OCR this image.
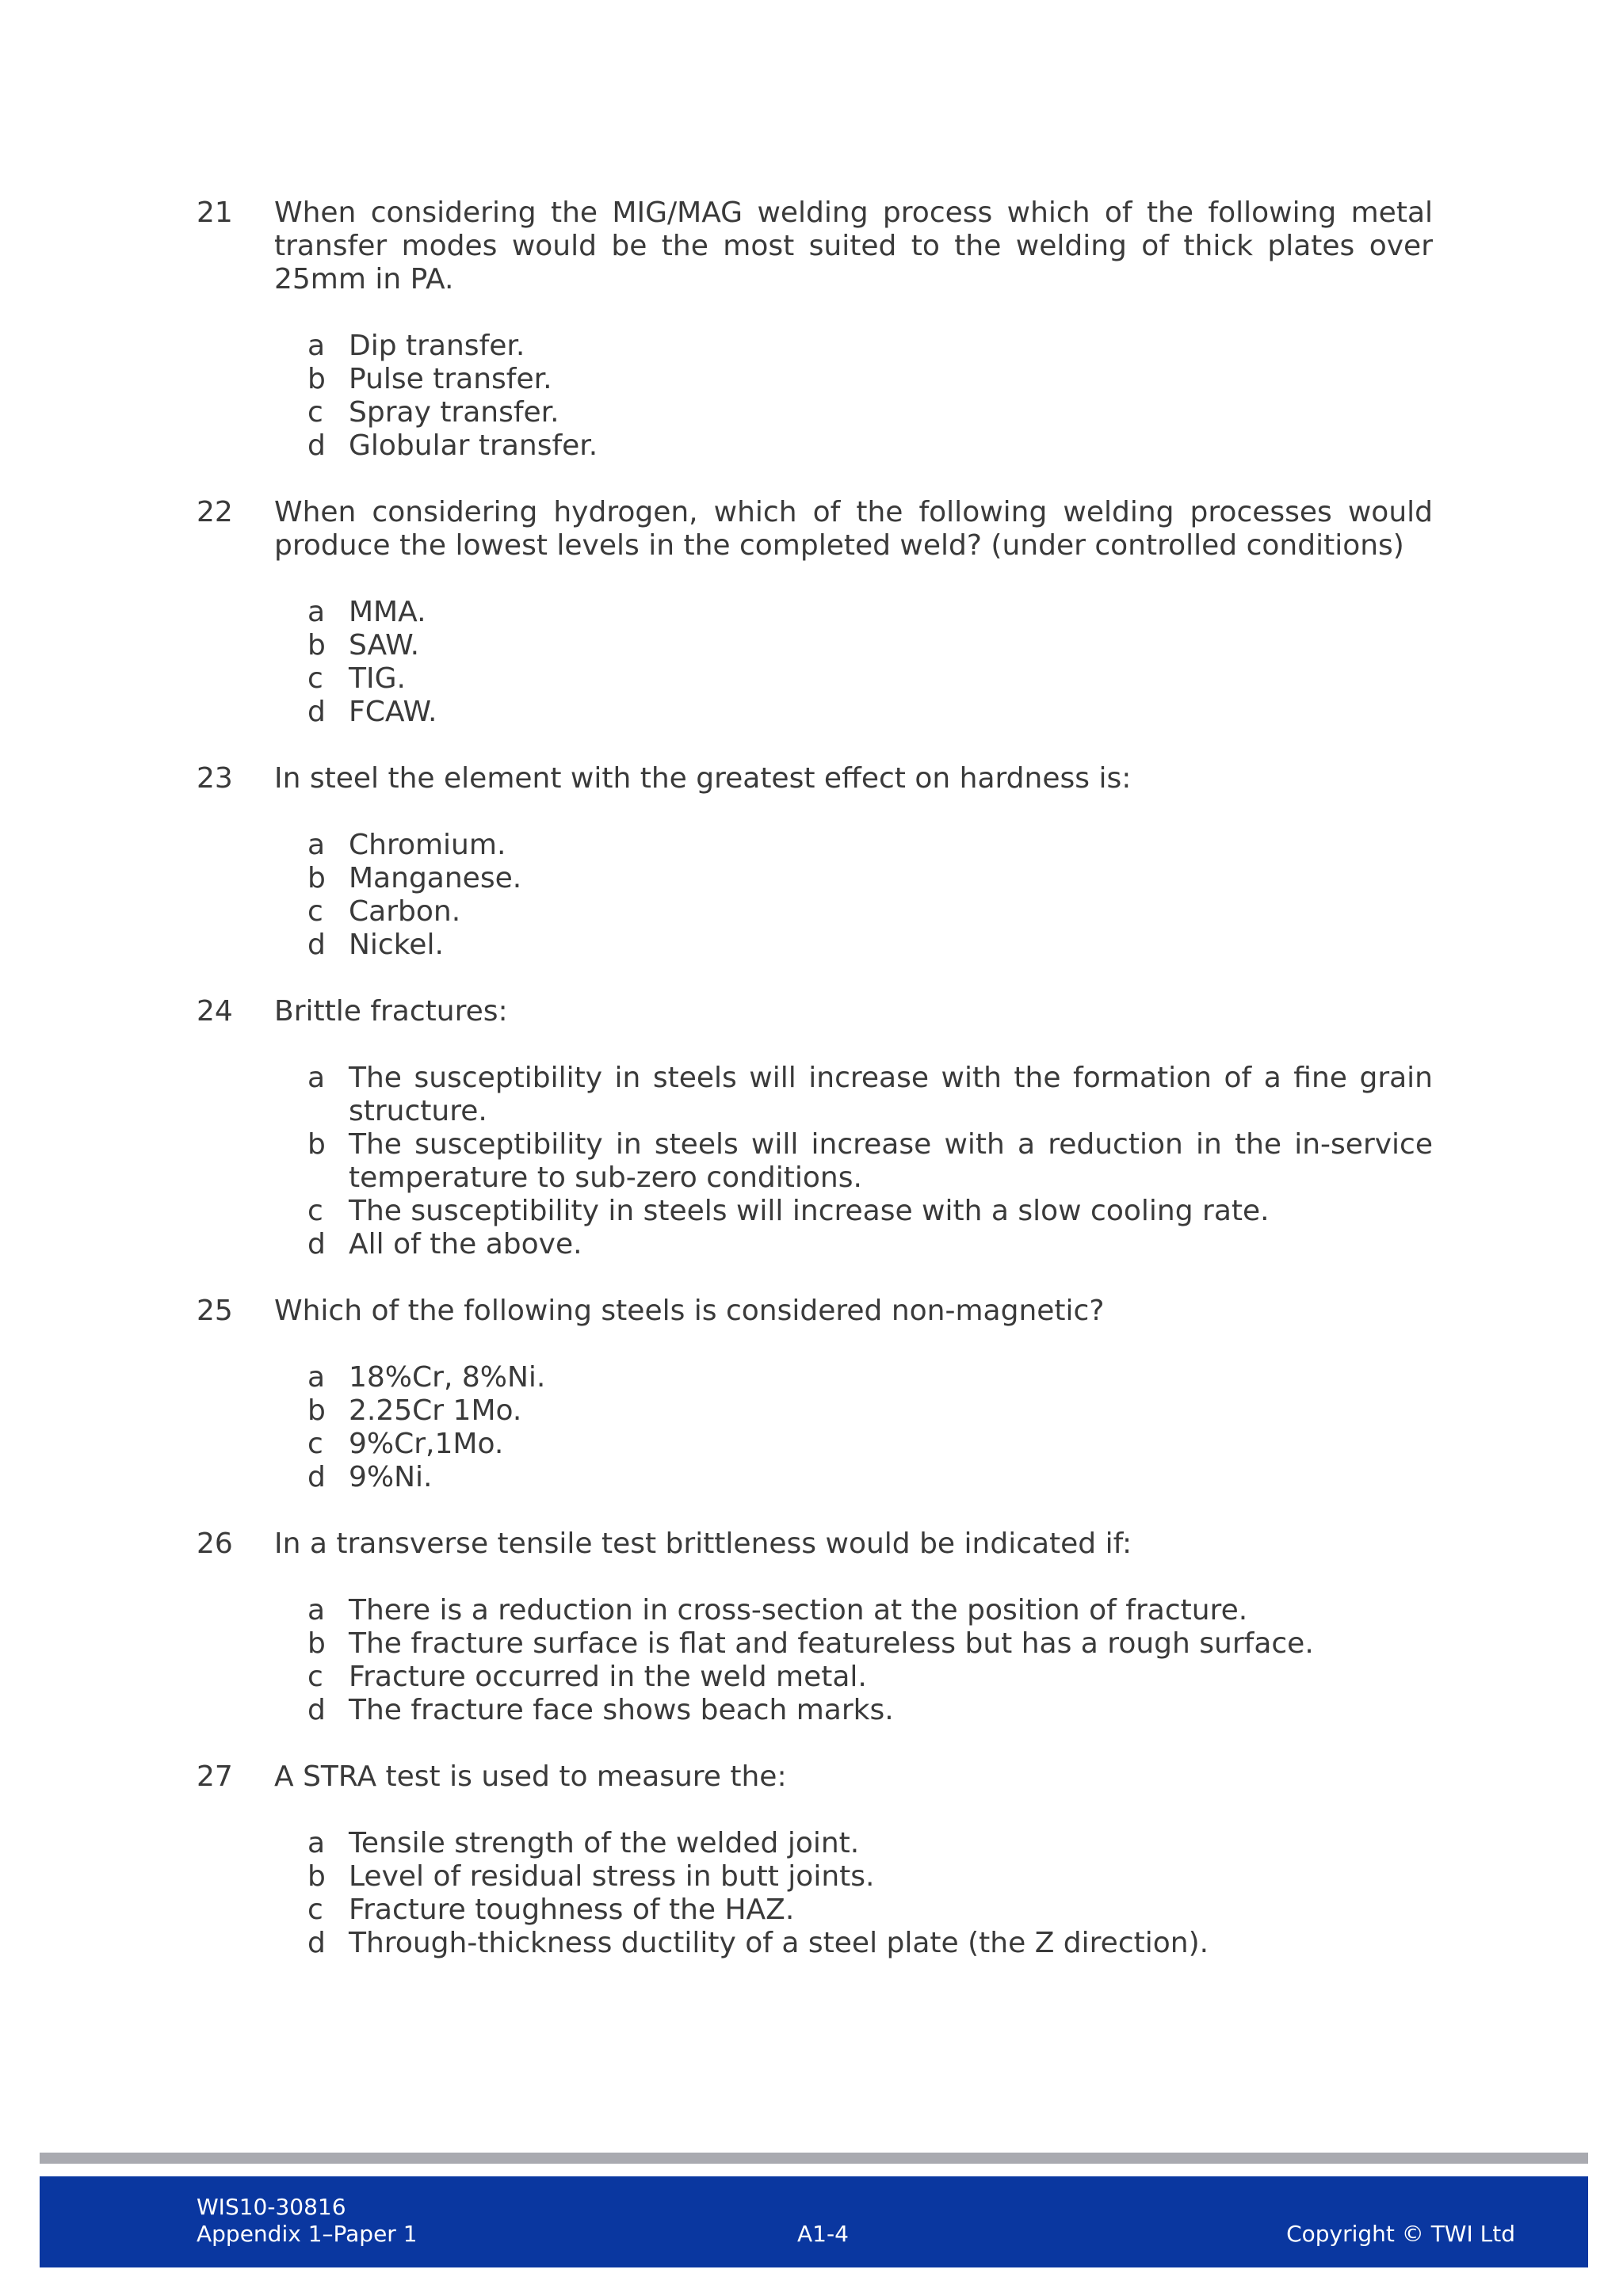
21	When considering the MIG/MAG welding process which of the following metal transfer modes would be the most suited to the welding of thick plates over 25mm in PA.
a Dip transfer.
b Pulse transfer.
c Spray transfer.
d Globular transfer.
22	When considering hydrogen, which of the following welding processes would produce the lowest levels in the completed weld? (under controlled conditions)
a MMA.
b SAW.
c TIG.
d FCAW.
23	In steel the element with the greatest effect on hardness is:
a Chromium.
b Manganese.
c Carbon.
d Nickel.
24	Brittle fractures:
a The susceptibility in steels will increase with the formation of a fine grain structure.
b The susceptibility in steels will increase with a reduction in the in-service temperature to sub-zero conditions.
c The susceptibility in steels will increase with a slow cooling rate.
d All of the above.
25	Which of the following steels is considered non-magnetic?
a 18%Cr, 8%Ni.
b 2.25Cr 1Mo.
c 9%Cr,1Mo.
d 9%Ni.
26	In a transverse tensile test brittleness would be indicated if:
a There is a reduction in cross-section at the position of fracture.
b The fracture surface is flat and featureless but has a rough surface.
c Fracture occurred in the weld metal.
d The fracture face shows beach marks.
27	A STRA test is used to measure the:
a Tensile strength of the welded joint.
b Level of residual stress in butt joints.
c Fracture toughness of the HAZ.
d Through-thickness ductility of a steel plate (the Z direction).
WIS10-30816
Appendix 1–Paper 1	A1-4	Copyright © TWI Ltd
